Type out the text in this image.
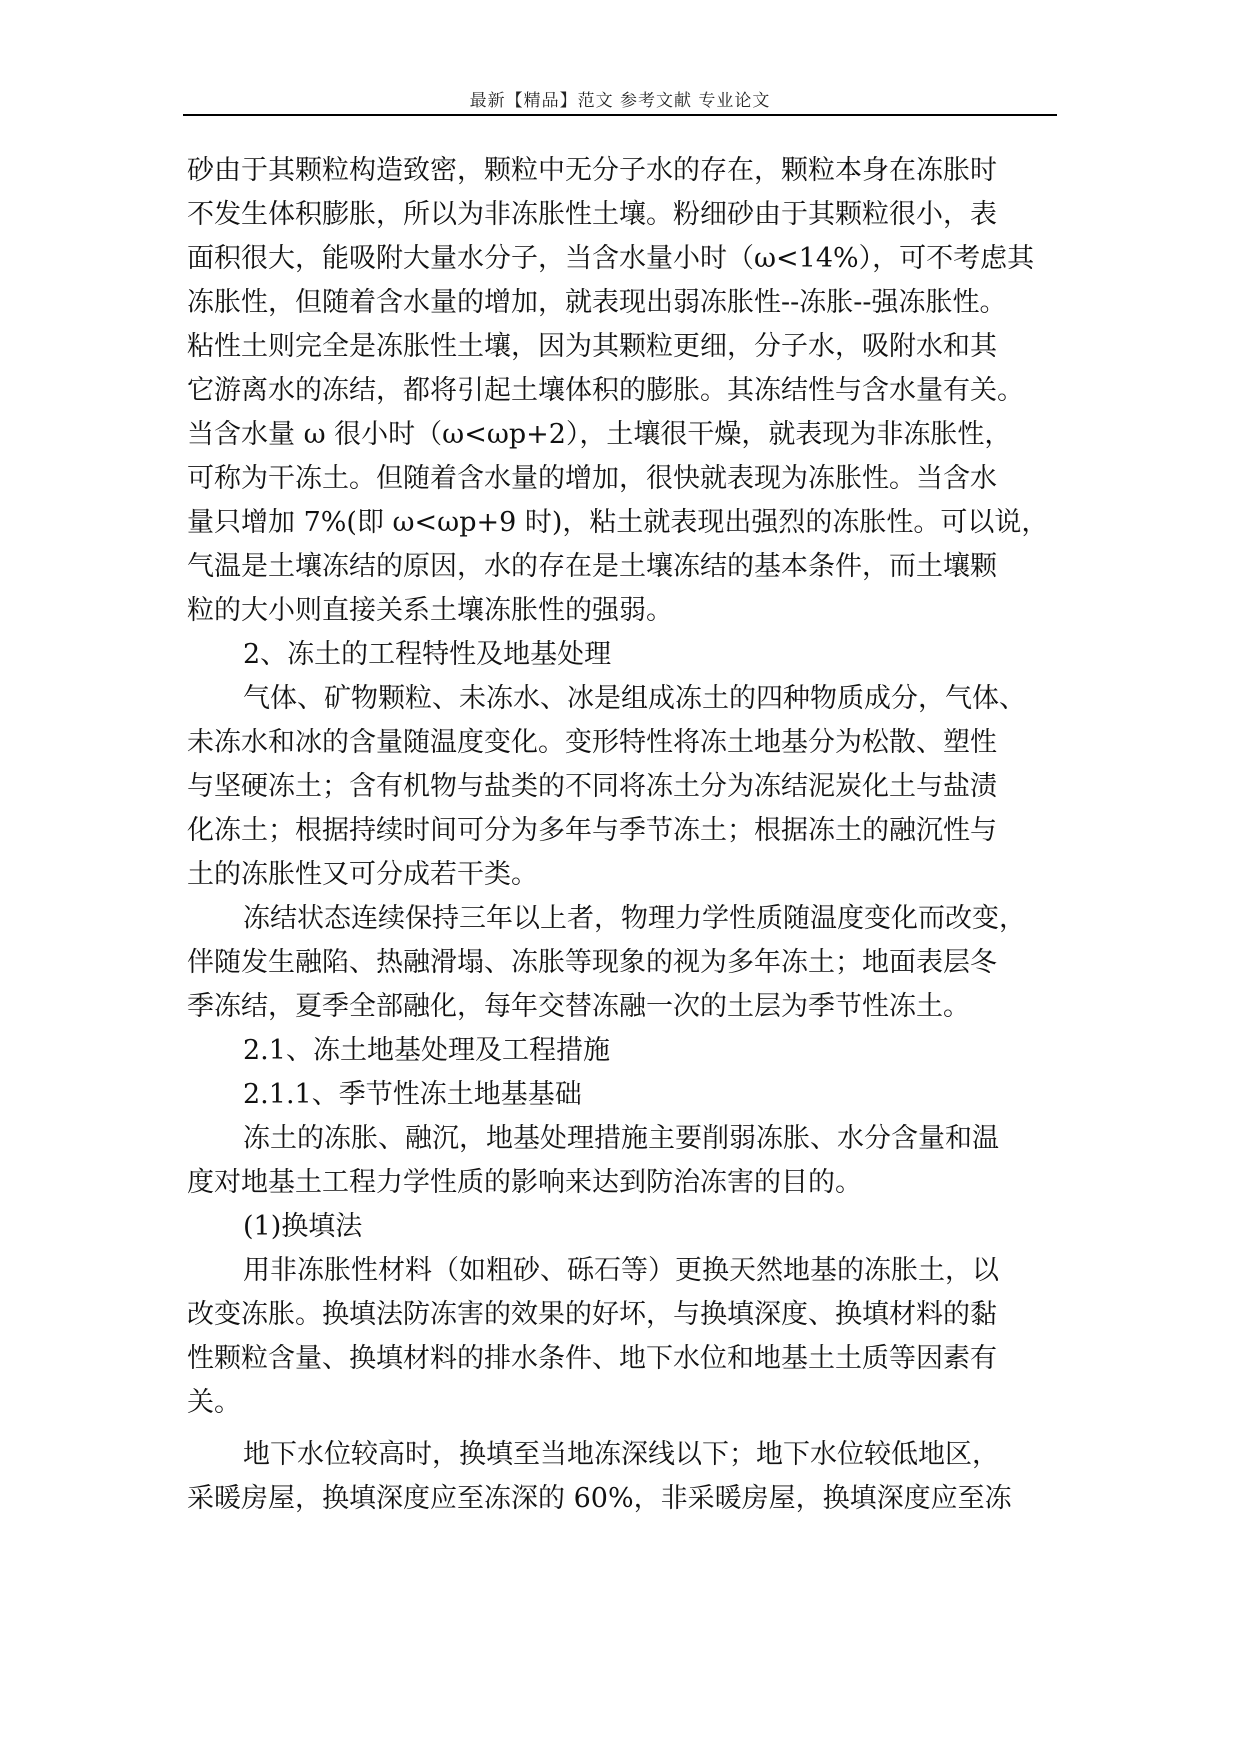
最新【精品】范文 参考文献 专业论文
砂由于其颗粒构造致密，颗粒中无分子水的存在，颗粒本身在冻胀时
不发生体积膨胀，所以为非冻胀性土壤。粉细砂由于其颗粒很小，表
面积很大，能吸附大量水分子，当含水量小时（ω<14%），可不考虑其
冻胀性，但随着含水量的增加，就表现出弱冻胀性--冻胀--强冻胀性。
粘性土则完全是冻胀性土壤，因为其颗粒更细，分子水，吸附水和其
它游离水的冻结，都将引起土壤体积的膨胀。其冻结性与含水量有关。
当含水量 ω 很小时（ω<ωp+2），土壤很干燥，就表现为非冻胀性，
可称为干冻土。但随着含水量的增加，很快就表现为冻胀性。当含水
量只增加 7%(即 ω<ωp+9 时)，粘土就表现出强烈的冻胀性。可以说，
气温是土壤冻结的原因，水的存在是土壤冻结的基本条件，而土壤颗
粒的大小则直接关系土壤冻胀性的强弱。
2、冻土的工程特性及地基处理
气体、矿物颗粒、未冻水、冰是组成冻土的四种物质成分，气体、
未冻水和冰的含量随温度变化。变形特性将冻土地基分为松散、塑性
与坚硬冻土；含有机物与盐类的不同将冻土分为冻结泥炭化土与盐渍
化冻土；根据持续时间可分为多年与季节冻土；根据冻土的融沉性与
土的冻胀性又可分成若干类。
冻结状态连续保持三年以上者，物理力学性质随温度变化而改变，
伴随发生融陷、热融滑塌、冻胀等现象的视为多年冻土；地面表层冬
季冻结，夏季全部融化，每年交替冻融一次的土层为季节性冻土。
2.1、冻土地基处理及工程措施
2.1.1、季节性冻土地基基础
冻土的冻胀、融沉，地基处理措施主要削弱冻胀、水分含量和温
度对地基土工程力学性质的影响来达到防治冻害的目的。
(1)换填法
用非冻胀性材料（如粗砂、砾石等）更换天然地基的冻胀土，以
改变冻胀。换填法防冻害的效果的好坏，与换填深度、换填材料的黏
性颗粒含量、换填材料的排水条件、地下水位和地基土土质等因素有
关。
地下水位较高时，换填至当地冻深线以下；地下水位较低地区，
采暖房屋，换填深度应至冻深的 60%，非采暖房屋，换填深度应至冻
